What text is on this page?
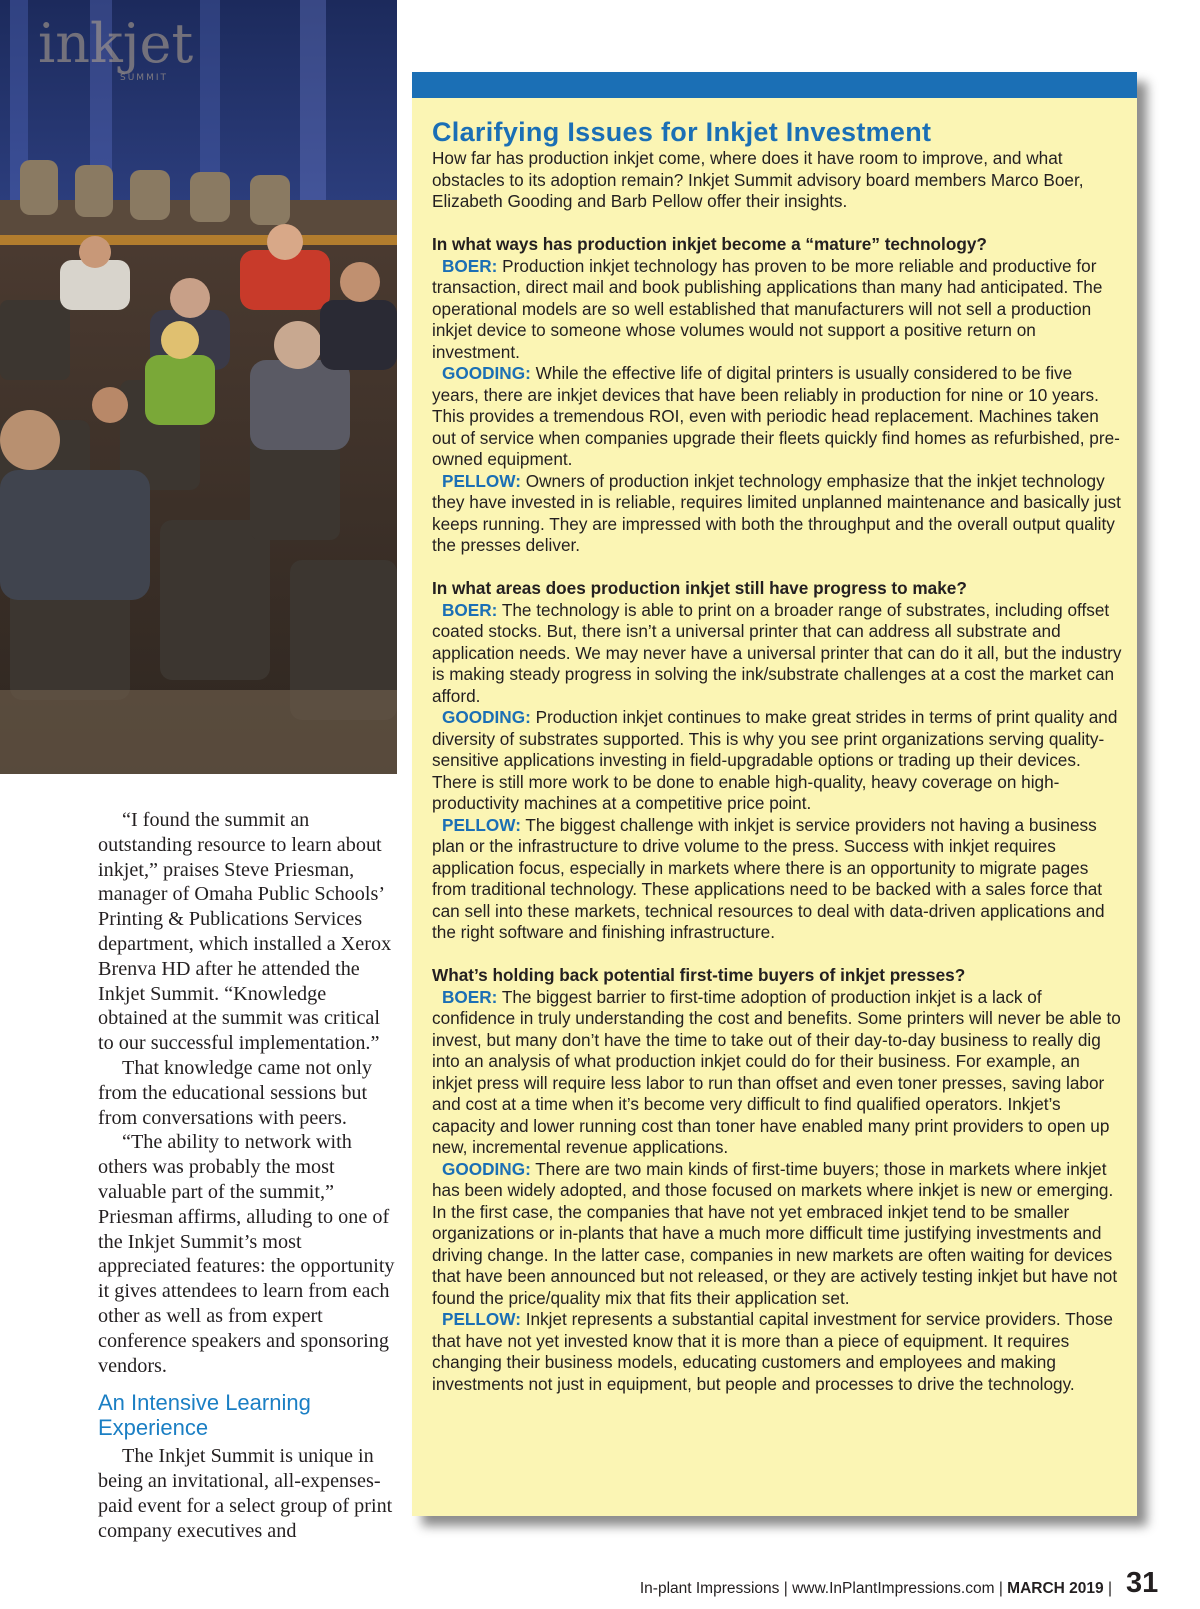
inkjet
SUMMIT

“I found the summit an outstanding resource to learn about inkjet,” praises Steve Priesman, manager of Omaha Public Schools’ Printing & Publications Services department, which installed a Xerox Brenva HD after he attended the Inkjet Summit. “Knowledge obtained at the summit was critical to our successful implementation.”

That knowledge came not only from the educational sessions but from conversations with peers.

“The ability to network with others was probably the most valuable part of the summit,” Priesman affirms, alluding to one of the Inkjet Summit’s most appreciated features: the opportunity it gives attendees to learn from each other as well as from expert conference speakers and sponsoring vendors.

An Intensive Learning Experience

The Inkjet Summit is unique in being an invitational, all-expenses-paid event for a select group of print company executives and

Clarifying Issues for Inkjet Investment

How far has production inkjet come, where does it have room to improve, and what obstacles to its adoption remain? Inkjet Summit advisory board members Marco Boer, Elizabeth Gooding and Barb Pellow offer their insights.

In what ways has production inkjet become a “mature” technology?

BOER: Production inkjet technology has proven to be more reliable and productive for transaction, direct mail and book publishing applications than many had anticipated. The operational models are so well established that manufacturers will not sell a production inkjet device to someone whose volumes would not support a positive return on investment.

GOODING: While the effective life of digital printers is usually considered to be five years, there are inkjet devices that have been reliably in production for nine or 10 years. This provides a tremendous ROI, even with periodic head replacement. Machines taken out of service when companies upgrade their fleets quickly find homes as refurbished, pre-owned equipment.

PELLOW: Owners of production inkjet technology emphasize that the inkjet technology they have invested in is reliable, requires limited unplanned maintenance and basically just keeps running. They are impressed with both the throughput and the overall output quality the presses deliver.

In what areas does production inkjet still have progress to make?

BOER: The technology is able to print on a broader range of substrates, including offset coated stocks. But, there isn’t a universal printer that can address all substrate and application needs. We may never have a universal printer that can do it all, but the industry is making steady progress in solving the ink/substrate challenges at a cost the market can afford.

GOODING: Production inkjet continues to make great strides in terms of print quality and diversity of substrates supported. This is why you see print organizations serving quality-sensitive applications investing in field-upgradable options or trading up their devices. There is still more work to be done to enable high-quality, heavy coverage on high-productivity machines at a competitive price point.

PELLOW: The biggest challenge with inkjet is service providers not having a business plan or the infrastructure to drive volume to the press. Success with inkjet requires application focus, especially in markets where there is an opportunity to migrate pages from traditional technology. These applications need to be backed with a sales force that can sell into these markets, technical resources to deal with data-driven applications and the right software and finishing infrastructure.

What’s holding back potential first-time buyers of inkjet presses?

BOER: The biggest barrier to first-time adoption of production inkjet is a lack of confidence in truly understanding the cost and benefits. Some printers will never be able to invest, but many don’t have the time to take out of their day-to-day business to really dig into an analysis of what production inkjet could do for their business. For example, an inkjet press will require less labor to run than offset and even toner presses, saving labor and cost at a time when it’s become very difficult to find qualified operators. Inkjet’s capacity and lower running cost than toner have enabled many print providers to open up new, incremental revenue applications.

GOODING: There are two main kinds of first-time buyers; those in markets where inkjet has been widely adopted, and those focused on markets where inkjet is new or emerging. In the first case, the companies that have not yet embraced inkjet tend to be smaller organizations or in-plants that have a much more difficult time justifying investments and driving change. In the latter case, companies in new markets are often waiting for devices that have been announced but not released, or they are actively testing inkjet but have not found the price/quality mix that fits their application set.

PELLOW: Inkjet represents a substantial capital investment for service providers. Those that have not yet invested know that it is more than a piece of equipment. It requires changing their business models, educating customers and employees and making investments not just in equipment, but people and processes to drive the technology.

In-plant Impressions | www.InPlantImpressions.com | MARCH 2019 | 31
